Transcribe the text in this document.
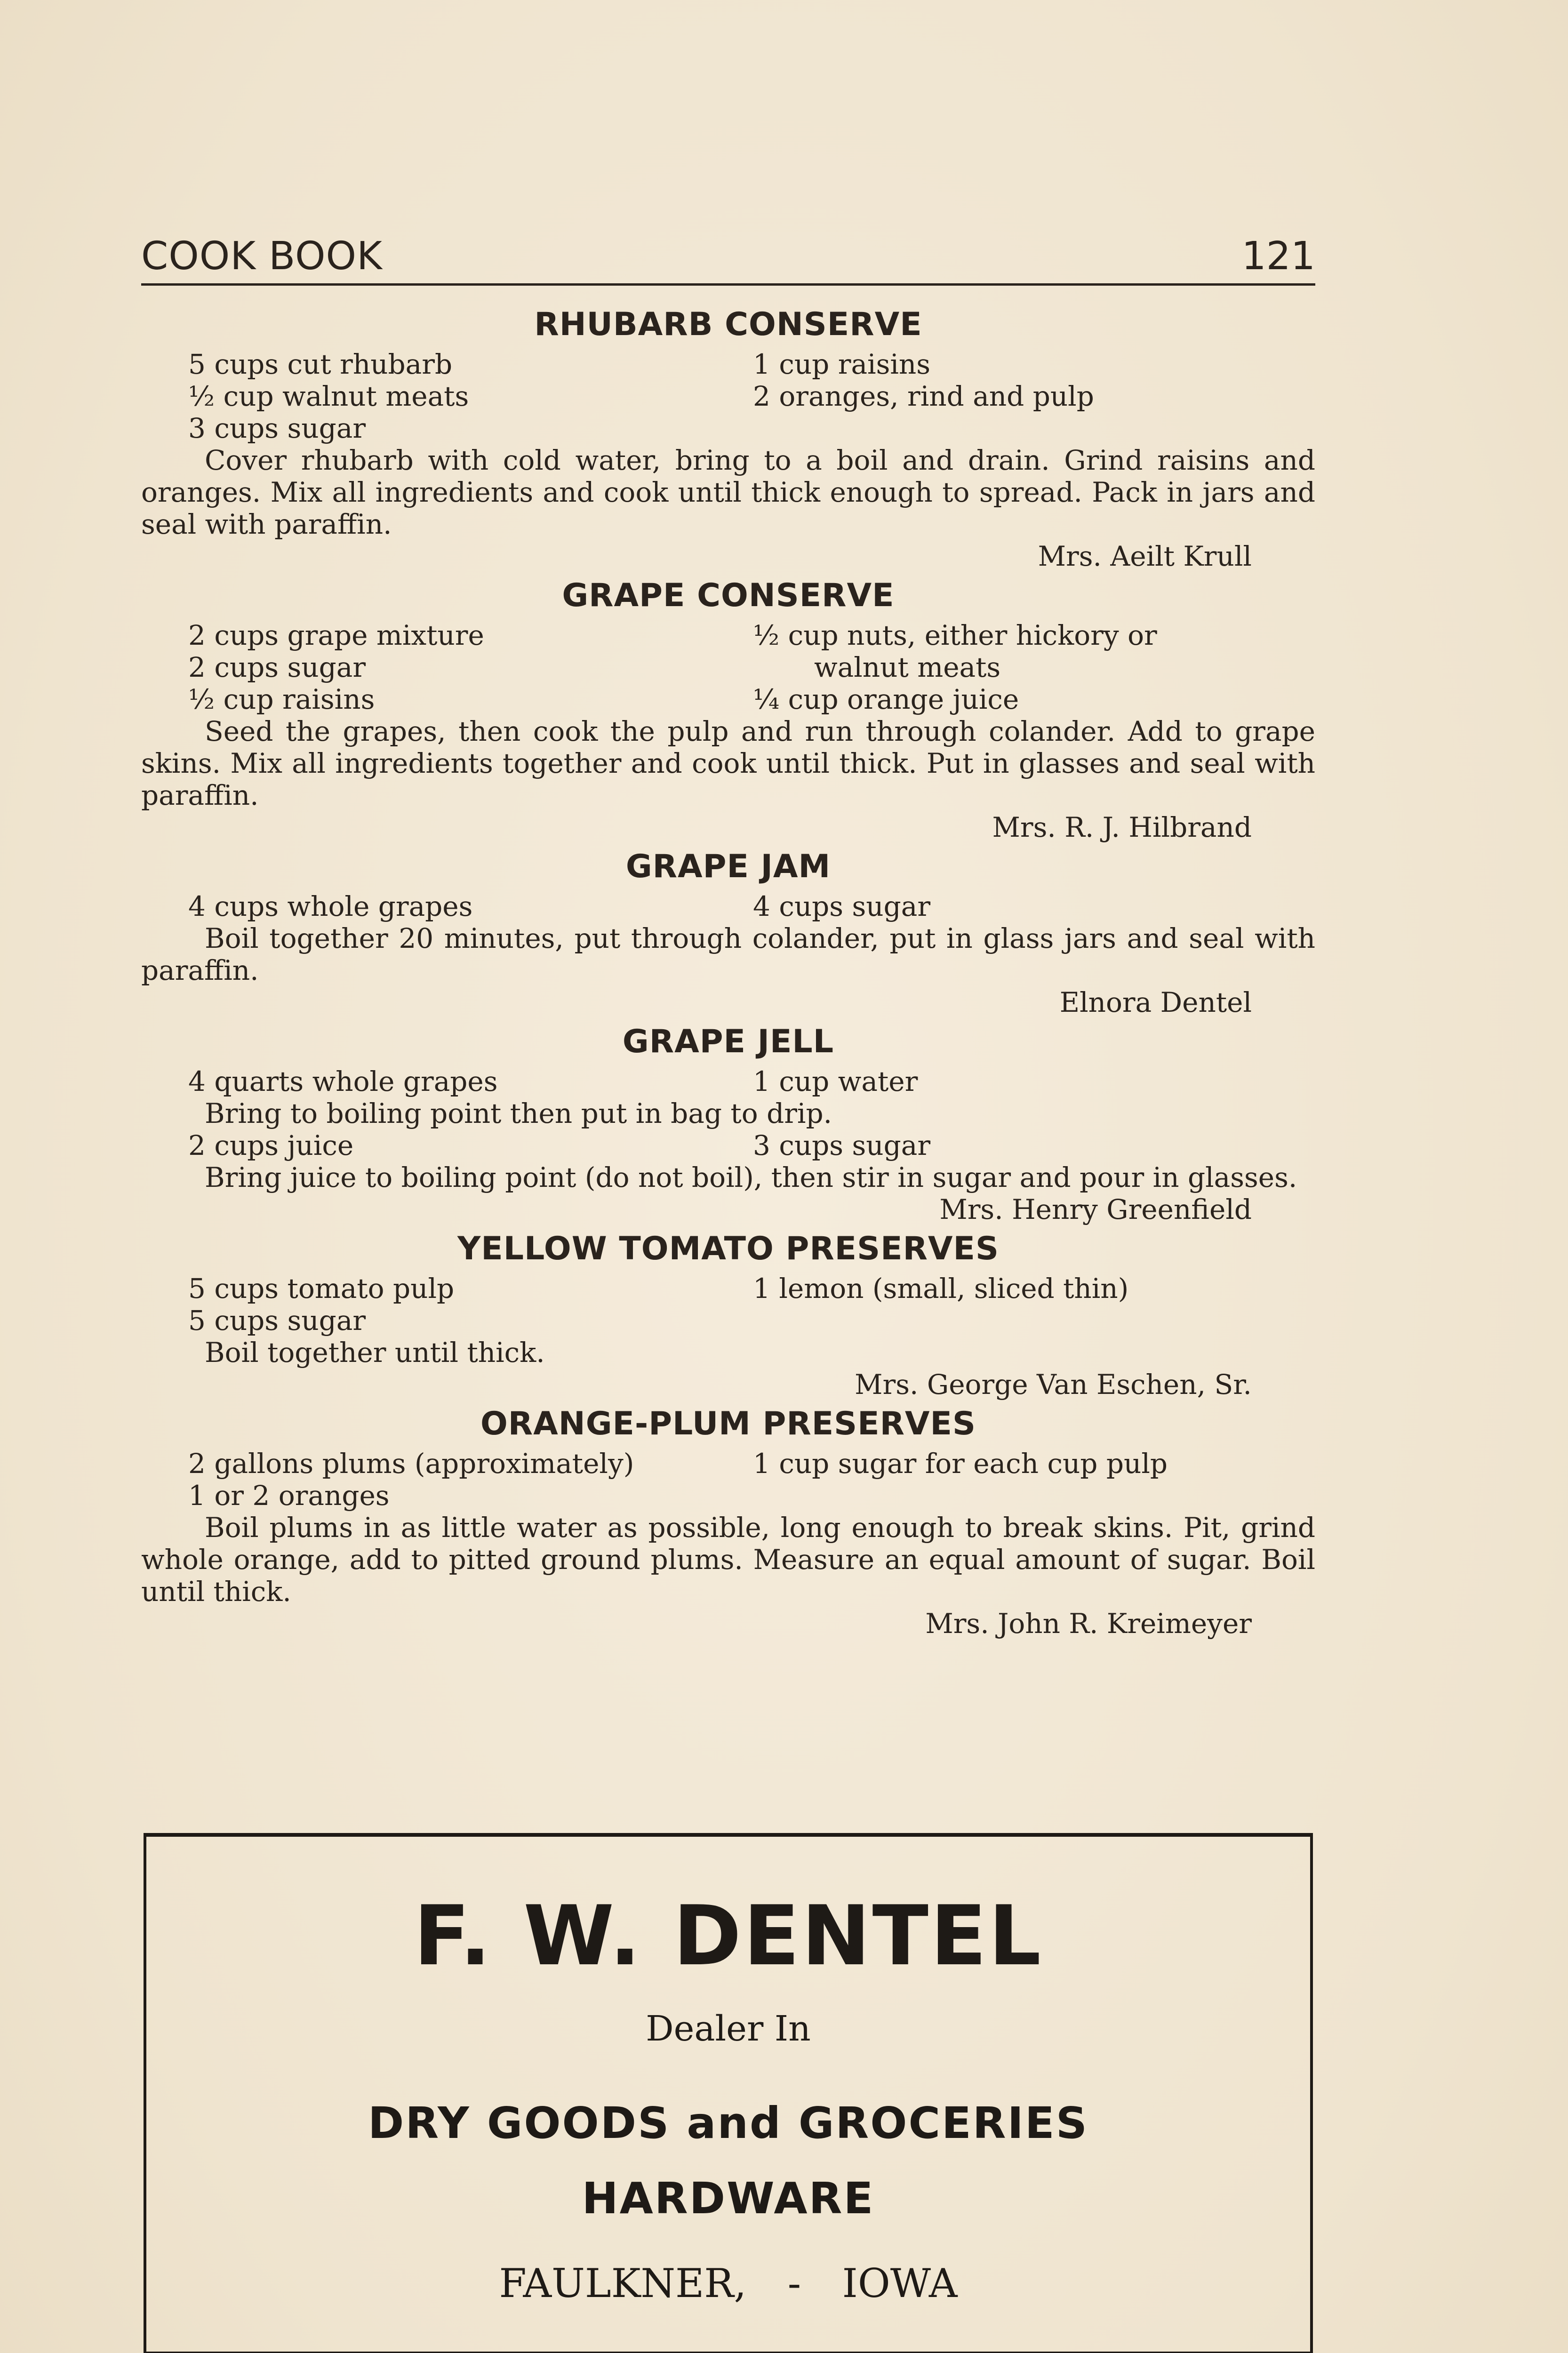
COOK BOOK	121
RHUBARB CONSERVE
5 cups cut rhubarb	1 cup raisins
½ cup walnut meats	2 oranges, rind and pulp
3 cups sugar

Cover rhubarb with cold water, bring to a boil and drain. Grind raisins and oranges. Mix all ingredients and cook until thick enough to spread. Pack in jars and seal with paraffin.

Mrs. Aeilt Krull
GRAPE CONSERVE
2 cups grape mixture	½ cup nuts, either hickory or
2 cups sugar	walnut meats
½ cup raisins	¼ cup orange juice

Seed the grapes, then cook the pulp and run through colander. Add to grape skins. Mix all ingredients together and cook until thick. Put in glasses and seal with paraffin.

Mrs. R. J. Hilbrand
GRAPE JAM
4 cups whole grapes	4 cups sugar

Boil together 20 minutes, put through colander, put in glass jars and seal with paraffin.

Elnora Dentel
GRAPE JELL
4 quarts whole grapes	1 cup water

Bring to boiling point then put in bag to drip.

2 cups juice	3 cups sugar

Bring juice to boiling point (do not boil), then stir in sugar and pour in glasses.

Mrs. Henry Greenfield
YELLOW TOMATO PRESERVES
5 cups tomato pulp	1 lemon (small, sliced thin)
5 cups sugar

Boil together until thick.

Mrs. George Van Eschen, Sr.
ORANGE-PLUM PRESERVES
2 gallons plums (approximately)	1 cup sugar for each cup pulp
1 or 2 oranges

Boil plums in as little water as possible, long enough to break skins. Pit, grind whole orange, add to pitted ground plums. Measure an equal amount of sugar. Boil until thick.

Mrs. John R. Kreimeyer
F. W. DENTEL
Dealer In
DRY GOODS and GROCERIES
HARDWARE
FAULKNER, - IOWA
